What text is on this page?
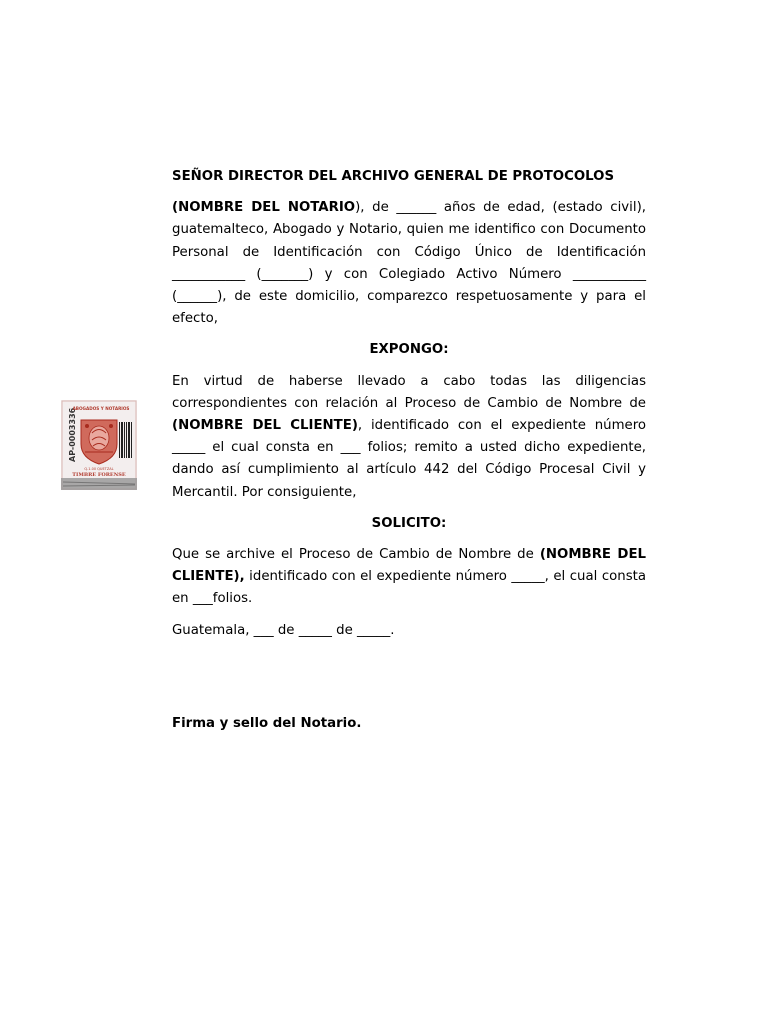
AP-0003336
ABOGADOS Y NOTARIOS
Q.1.00 QUETZAL
TIMBRE FORENSE

SEÑOR DIRECTOR DEL ARCHIVO GENERAL DE PROTOCOLOS

(NOMBRE DEL NOTARIO), de ______ años de edad, (estado civil), guatemalteco, Abogado y Notario, quien me identifico con Documento Personal de Identificación con Código Único de Identificación ___________ (_______) y con Colegiado Activo Número ___________ (______), de este domicilio, comparezco respetuosamente y para el efecto,

EXPONGO:

En virtud de haberse llevado a cabo todas las diligencias correspondientes con relación al Proceso de Cambio de Nombre de (NOMBRE DEL CLIENTE), identificado con el expediente número _____ el cual consta en ___ folios; remito a usted dicho expediente, dando así cumplimiento al artículo 442 del Código Procesal Civil y Mercantil. Por consiguiente,

SOLICITO:

Que se archive el Proceso de Cambio de Nombre de (NOMBRE DEL CLIENTE), identificado con el expediente número _____, el cual consta en ___folios.

Guatemala, ___ de _____ de _____.

Firma y sello del Notario.
